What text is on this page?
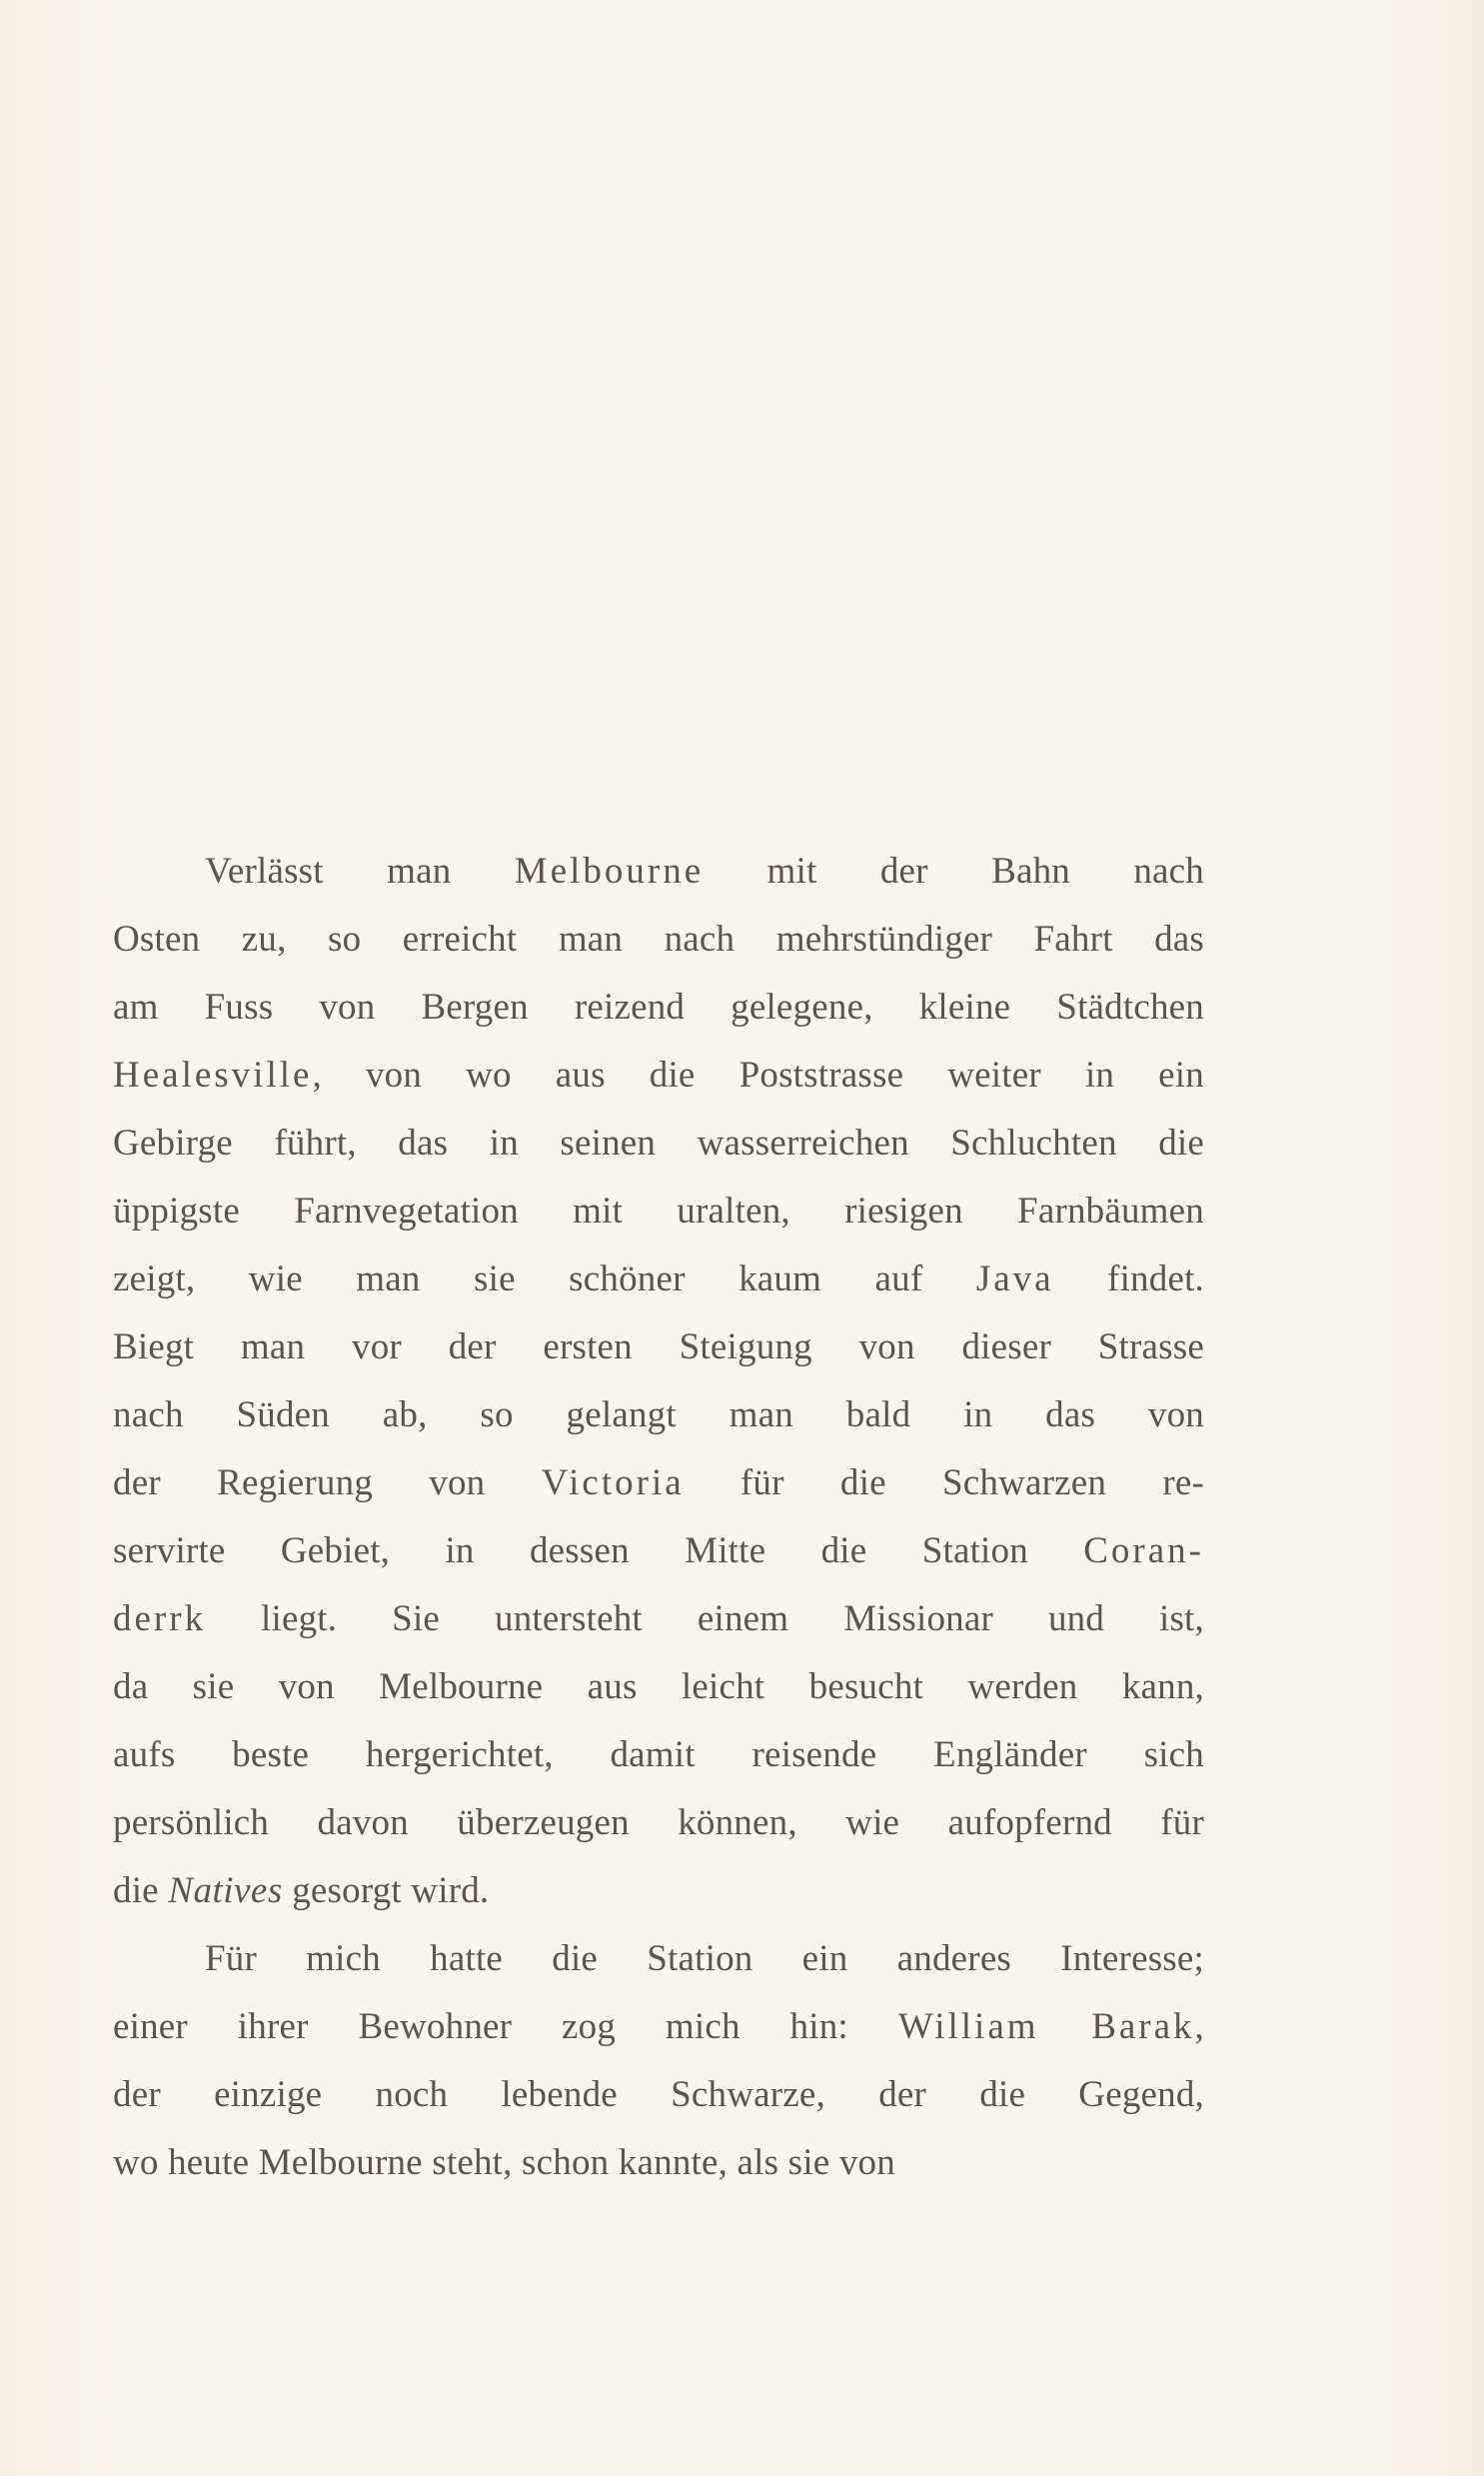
Verlässt man Melbourne mit der Bahn nach
Osten zu, so erreicht man nach mehrstündiger Fahrt das
am Fuss von Bergen reizend gelegene, kleine Städtchen
Healesville, von wo aus die Poststrasse weiter in ein
Gebirge führt, das in seinen wasserreichen Schluchten die
üppigste Farnvegetation mit uralten, riesigen Farnbäumen
zeigt, wie man sie schöner kaum auf Java findet.
Biegt man vor der ersten Steigung von dieser Strasse
nach Süden ab, so gelangt man bald in das von
der Regierung von Victoria für die Schwarzen re-
servirte Gebiet, in dessen Mitte die Station Coran-
derrk liegt. Sie untersteht einem Missionar und ist,
da sie von Melbourne aus leicht besucht werden kann,
aufs beste hergerichtet, damit reisende Engländer sich
persönlich davon überzeugen können, wie aufopfernd für
die Natives gesorgt wird.
Für mich hatte die Station ein anderes Interesse;
einer ihrer Bewohner zog mich hin: William Barak,
der einzige noch lebende Schwarze, der die Gegend,
wo heute Melbourne steht, schon kannte, als sie von
